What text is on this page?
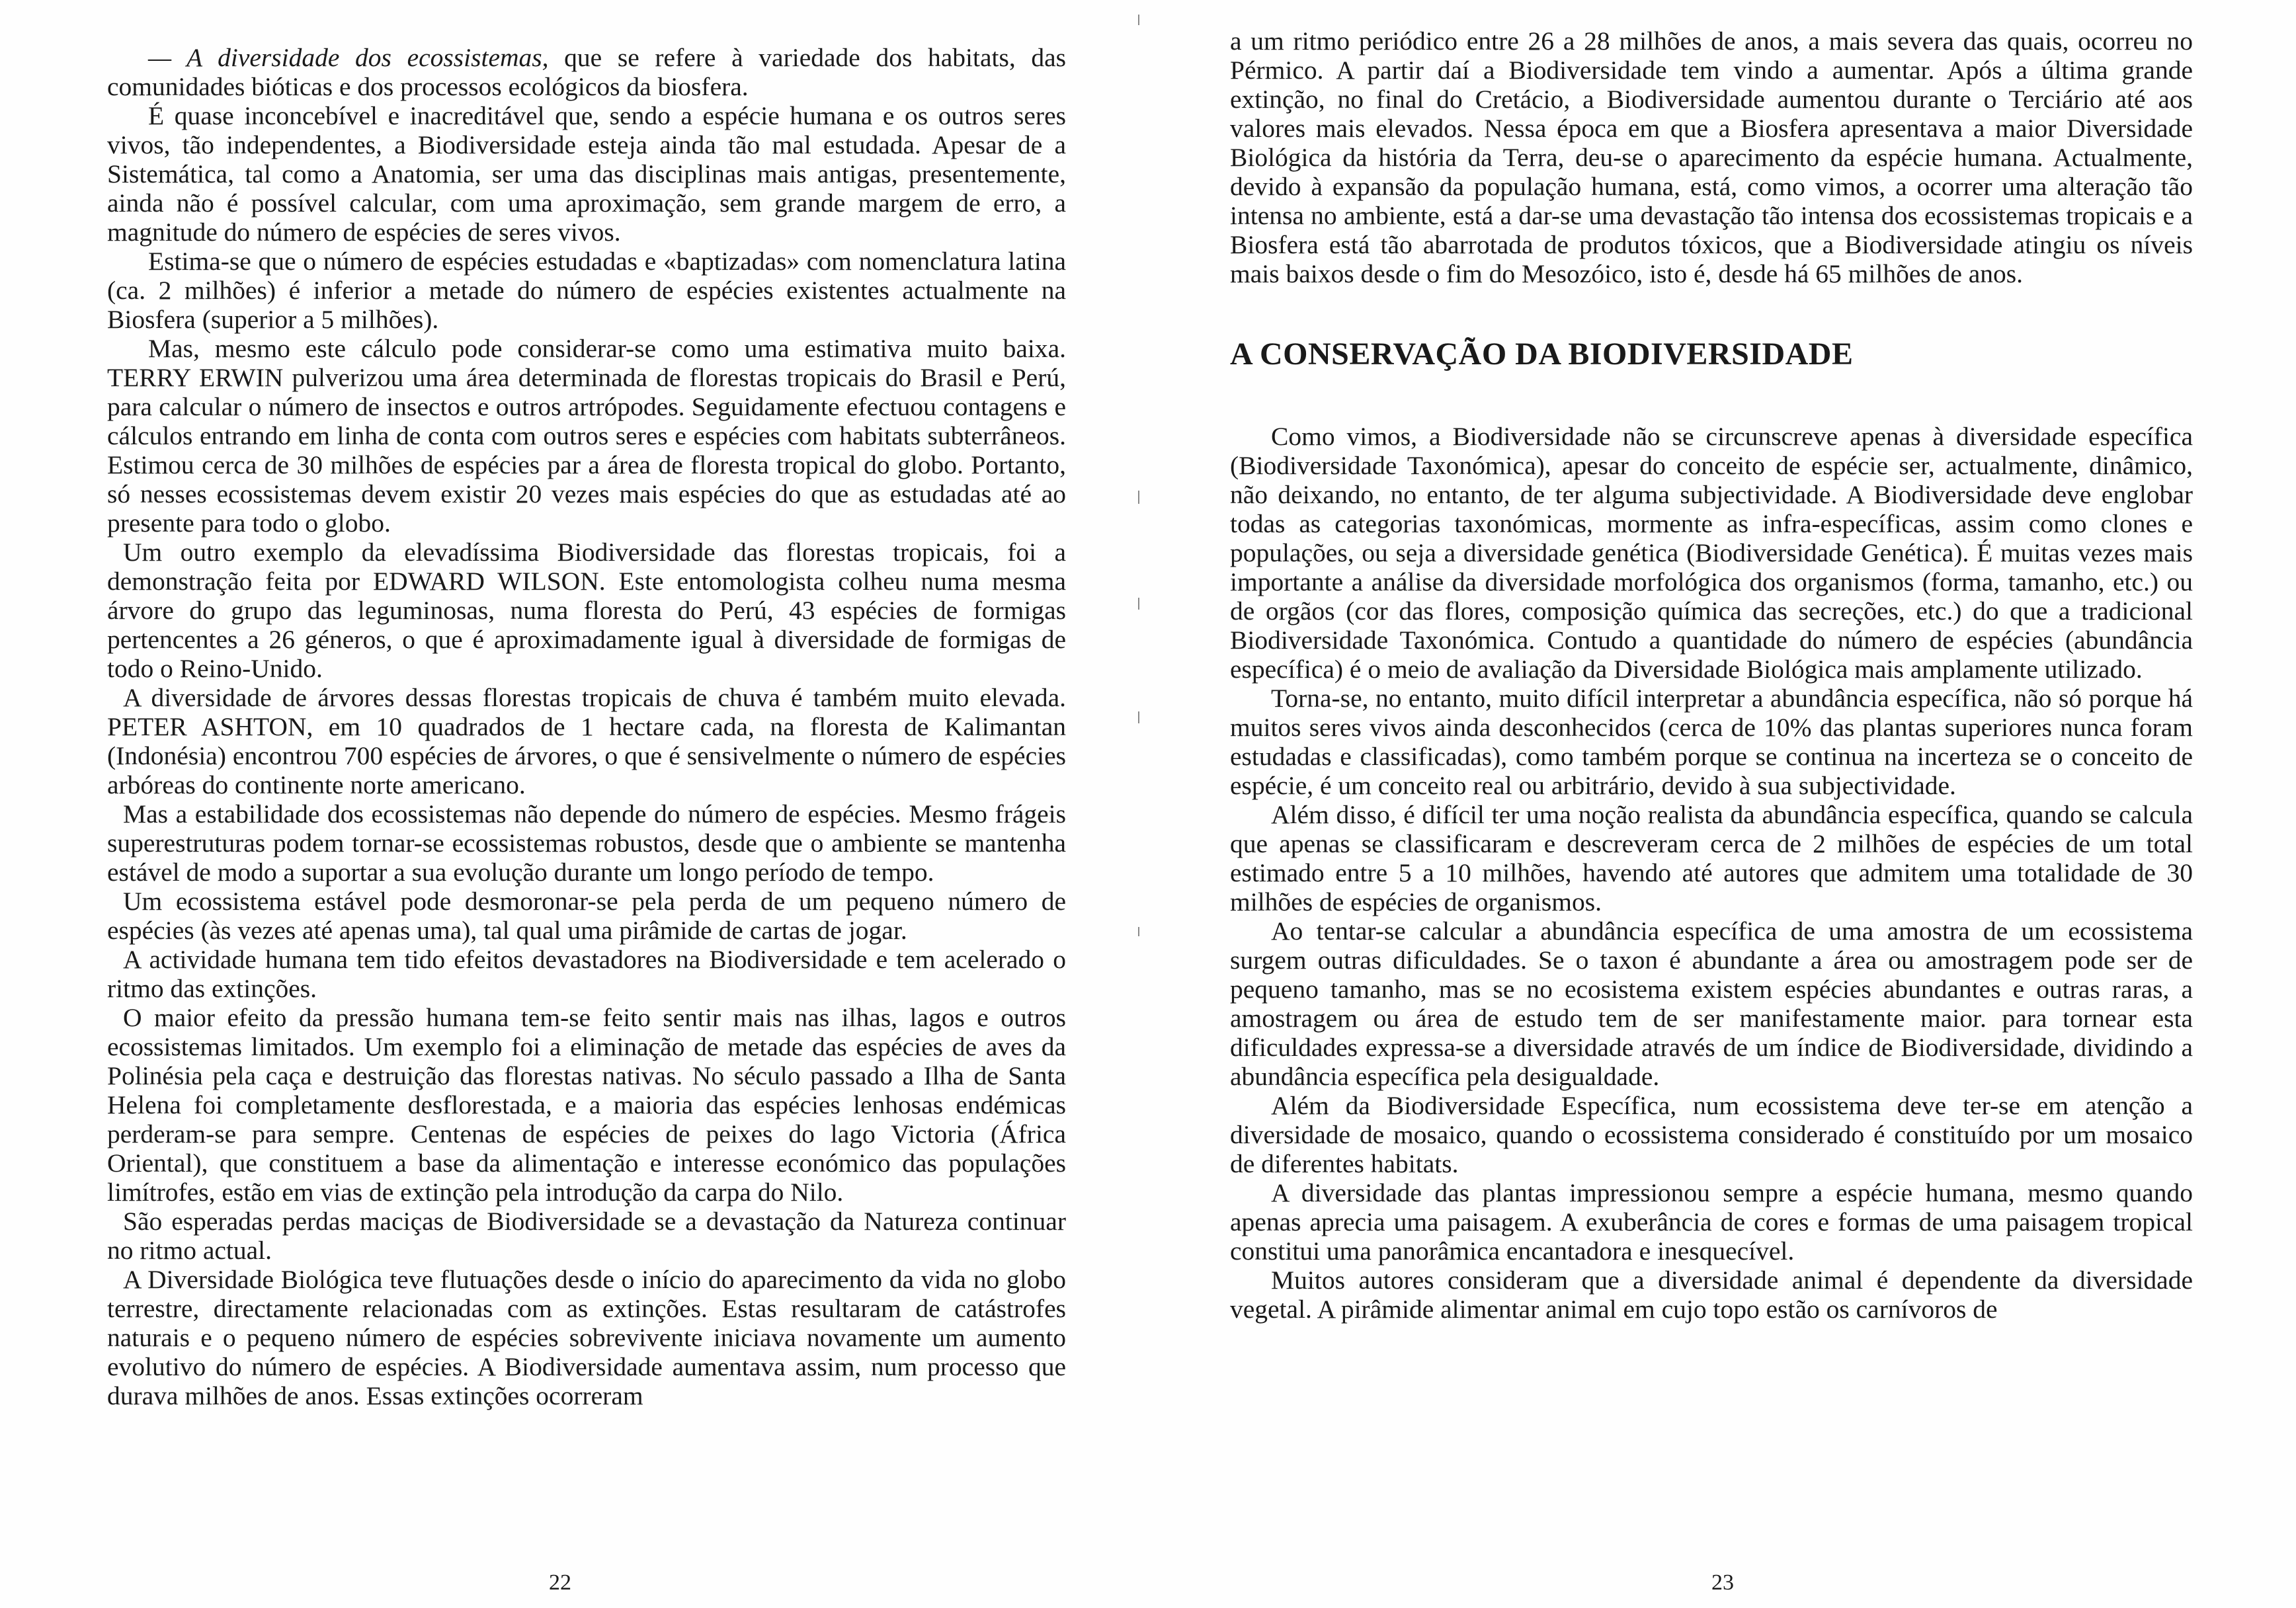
— A diversidade dos ecossistemas, que se refere à variedade dos habitats, das comunidades bióticas e dos processos ecológicos da biosfera.

É quase inconcebível e inacreditável que, sendo a espécie humana e os outros seres vivos, tão independentes, a Biodiversidade esteja ainda tão mal estudada. Apesar de a Sistemática, tal como a Anatomia, ser uma das disciplinas mais antigas, presentemente, ainda não é possível calcular, com uma aproximação, sem grande margem de erro, a magnitude do número de espécies de seres vivos.

Estima-se que o número de espécies estudadas e «baptizadas» com nomenclatura latina (ca. 2 milhões) é inferior a metade do número de espécies existentes actualmente na Biosfera (superior a 5 milhões).

Mas, mesmo este cálculo pode considerar-se como uma estimativa muito baixa. TERRY ERWIN pulverizou uma área determinada de florestas tropicais do Brasil e Perú, para calcular o número de insectos e outros artrópodes. Seguidamente efectuou contagens e cálculos entrando em linha de conta com outros seres e espécies com habitats subterrâneos. Estimou cerca de 30 milhões de espécies par a área de floresta tropical do globo. Portanto, só nesses ecossistemas devem existir 20 vezes mais espécies do que as estudadas até ao presente para todo o globo.

Um outro exemplo da elevadíssima Biodiversidade das florestas tropicais, foi a demonstração feita por EDWARD WILSON. Este entomologista colheu numa mesma árvore do grupo das leguminosas, numa floresta do Perú, 43 espécies de formigas pertencentes a 26 géneros, o que é aproximadamente igual à diversidade de formigas de todo o Reino-Unido.

A diversidade de árvores dessas florestas tropicais de chuva é também muito elevada. PETER ASHTON, em 10 quadrados de 1 hectare cada, na floresta de Kalimantan (Indonésia) encontrou 700 espécies de árvores, o que é sensivelmente o número de espécies arbóreas do continente norte americano.

Mas a estabilidade dos ecossistemas não depende do número de espécies. Mesmo frágeis superestruturas podem tornar-se ecossistemas robustos, desde que o ambiente se mantenha estável de modo a suportar a sua evolução durante um longo período de tempo.

Um ecossistema estável pode desmoronar-se pela perda de um pequeno número de espécies (às vezes até apenas uma), tal qual uma pirâmide de cartas de jogar.

A actividade humana tem tido efeitos devastadores na Biodiversidade e tem acelerado o ritmo das extinções.

O maior efeito da pressão humana tem-se feito sentir mais nas ilhas, lagos e outros ecossistemas limitados. Um exemplo foi a eliminação de metade das espécies de aves da Polinésia pela caça e destruição das florestas nativas. No século passado a Ilha de Santa Helena foi completamente desflorestada, e a maioria das espécies lenhosas endémicas perderam-se para sempre. Centenas de espécies de peixes do lago Victoria (África Oriental), que constituem a base da alimentação e interesse económico das populações limítrofes, estão em vias de extinção pela introdução da carpa do Nilo.

São esperadas perdas maciças de Biodiversidade se a devastação da Natureza continuar no ritmo actual.

A Diversidade Biológica teve flutuações desde o início do aparecimento da vida no globo terrestre, directamente relacionadas com as extinções. Estas resultaram de catástrofes naturais e o pequeno número de espécies sobrevivente iniciava novamente um aumento evolutivo do número de espécies. A Biodiversidade aumentava assim, num processo que durava milhões de anos. Essas extinções ocorreram

22

a um ritmo periódico entre 26 a 28 milhões de anos, a mais severa das quais, ocorreu no Pérmico. A partir daí a Biodiversidade tem vindo a aumentar. Após a última grande extinção, no final do Cretácio, a Biodiversidade aumentou durante o Terciário até aos valores mais elevados. Nessa época em que a Biosfera apresentava a maior Diversidade Biológica da história da Terra, deu-se o aparecimento da espécie humana. Actualmente, devido à expansão da população humana, está, como vimos, a ocorrer uma alteração tão intensa no ambiente, está a dar-se uma devastação tão intensa dos ecossistemas tropicais e a Biosfera está tão abarrotada de produtos tóxicos, que a Biodiversidade atingiu os níveis mais baixos desde o fim do Mesozóico, isto é, desde há 65 milhões de anos.

A CONSERVAÇÃO DA BIODIVERSIDADE

Como vimos, a Biodiversidade não se circunscreve apenas à diversidade específica (Biodiversidade Taxonómica), apesar do conceito de espécie ser, actualmente, dinâmico, não deixando, no entanto, de ter alguma subjectividade. A Biodiversidade deve englobar todas as categorias taxonómicas, mormente as infra-específicas, assim como clones e populações, ou seja a diversidade genética (Biodiversidade Genética). É muitas vezes mais importante a análise da diversidade morfológica dos organismos (forma, tamanho, etc.) ou de orgãos (cor das flores, composição química das secreções, etc.) do que a tradicional Biodiversidade Taxonómica. Contudo a quantidade do número de espécies (abundância específica) é o meio de avaliação da Diversidade Biológica mais amplamente utilizado.

Torna-se, no entanto, muito difícil interpretar a abundância específica, não só porque há muitos seres vivos ainda desconhecidos (cerca de 10% das plantas superiores nunca foram estudadas e classificadas), como também porque se continua na incerteza se o conceito de espécie, é um conceito real ou arbitrário, devido à sua subjectividade.

Além disso, é difícil ter uma noção realista da abundância específica, quando se calcula que apenas se classificaram e descreveram cerca de 2 milhões de espécies de um total estimado entre 5 a 10 milhões, havendo até autores que admitem uma totalidade de 30 milhões de espécies de organismos.

Ao tentar-se calcular a abundância específica de uma amostra de um ecossistema surgem outras dificuldades. Se o taxon é abundante a área ou amostragem pode ser de pequeno tamanho, mas se no ecosistema existem espécies abundantes e outras raras, a amostragem ou área de estudo tem de ser manifestamente maior. para tornear esta dificuldades expressa-se a diversidade através de um índice de Biodiversidade, dividindo a abundância específica pela desigualdade.

Além da Biodiversidade Específica, num ecossistema deve ter-se em atenção a diversidade de mosaico, quando o ecossistema considerado é constituído por um mosaico de diferentes habitats.

A diversidade das plantas impressionou sempre a espécie humana, mesmo quando apenas aprecia uma paisagem. A exuberância de cores e formas de uma paisagem tropical constitui uma panorâmica encantadora e inesquecível.

Muitos autores consideram que a diversidade animal é dependente da diversidade vegetal. A pirâmide alimentar animal em cujo topo estão os carnívoros de

23
